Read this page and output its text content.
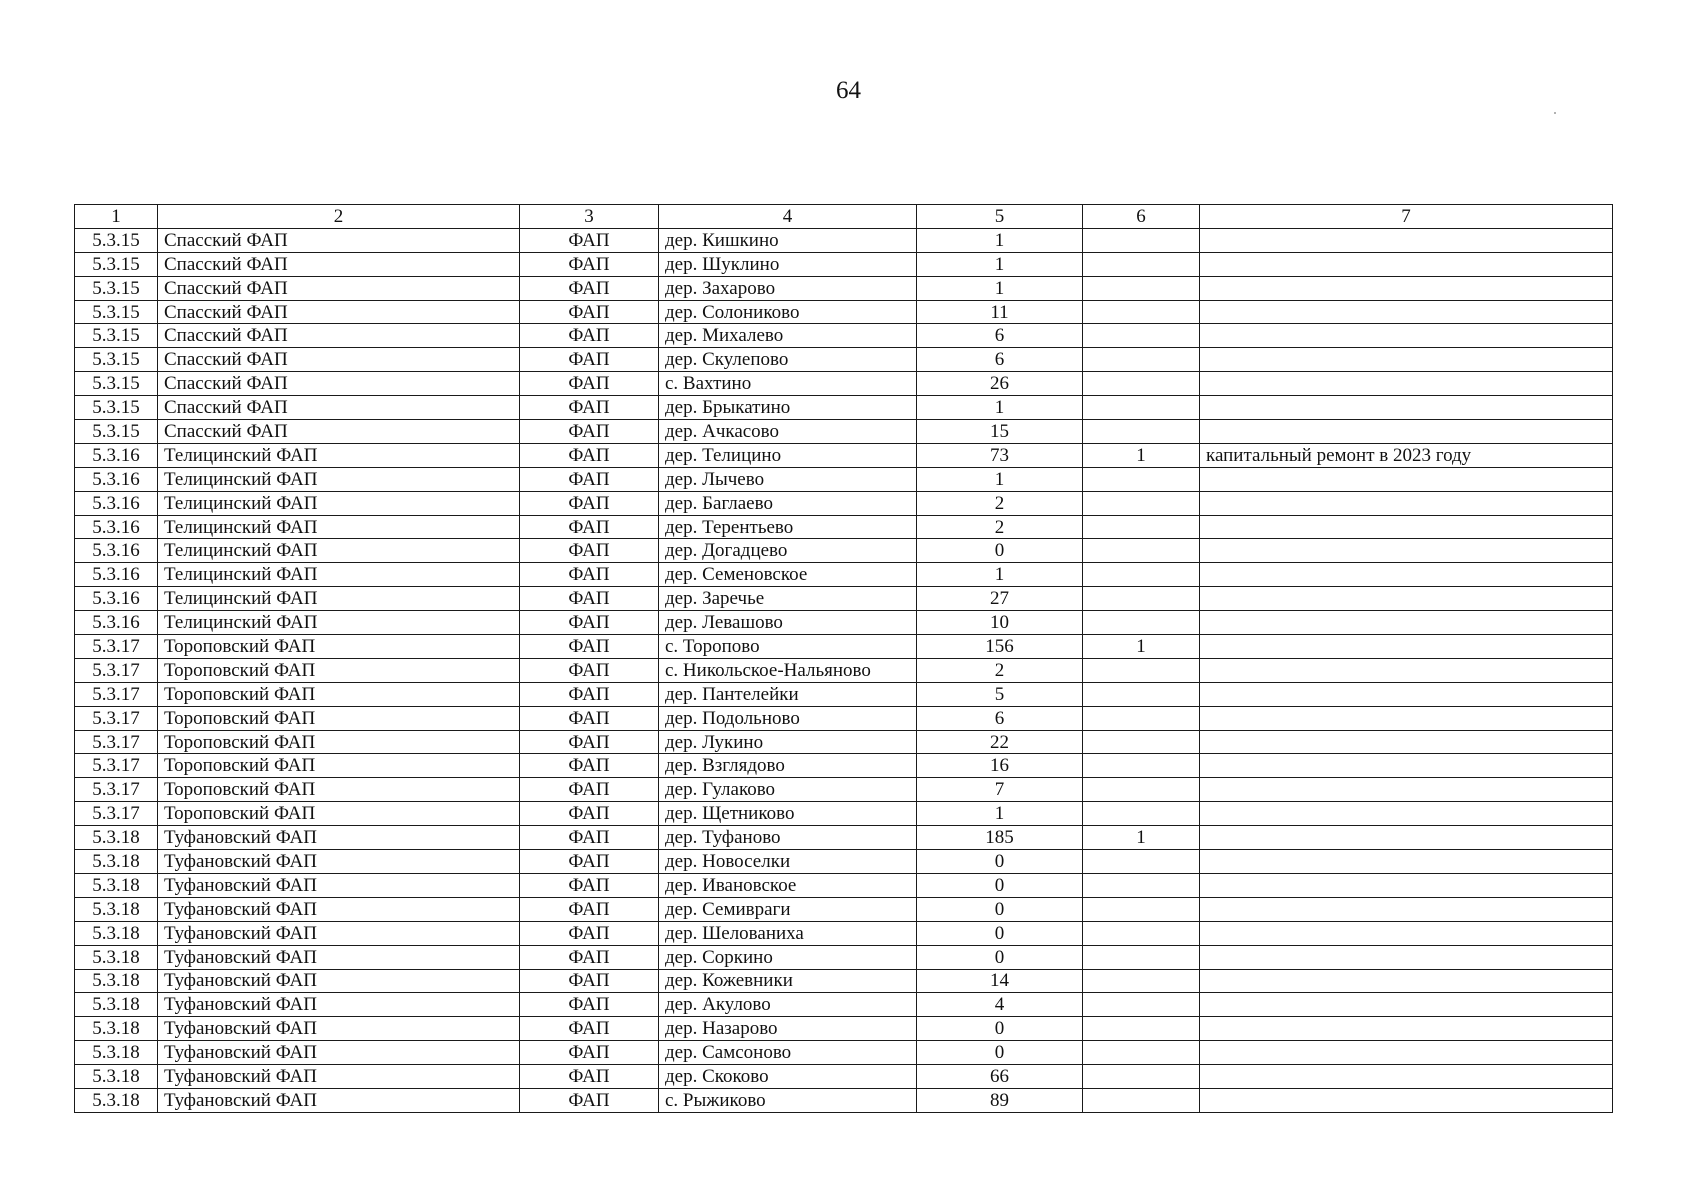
64
1	2	3	4	5	6	7
5.3.15	Спасский ФАП	ФАП	дер. Кишкино	1		
5.3.15	Спасский ФАП	ФАП	дер. Шуклино	1		
5.3.15	Спасский ФАП	ФАП	дер. Захарово	1		
5.3.15	Спасский ФАП	ФАП	дер. Солониково	11		
5.3.15	Спасский ФАП	ФАП	дер. Михалево	6		
5.3.15	Спасский ФАП	ФАП	дер. Скулепово	6		
5.3.15	Спасский ФАП	ФАП	с. Вахтино	26		
5.3.15	Спасский ФАП	ФАП	дер. Брыкатино	1		
5.3.15	Спасский ФАП	ФАП	дер. Ачкасово	15		
5.3.16	Телицинский ФАП	ФАП	дер. Телицино	73	1	капитальный ремонт в 2023 году
5.3.16	Телицинский ФАП	ФАП	дер. Лычево	1		
5.3.16	Телицинский ФАП	ФАП	дер. Баглаево	2		
5.3.16	Телицинский ФАП	ФАП	дер. Терентьево	2		
5.3.16	Телицинский ФАП	ФАП	дер. Догадцево	0		
5.3.16	Телицинский ФАП	ФАП	дер. Семеновское	1		
5.3.16	Телицинский ФАП	ФАП	дер. Заречье	27		
5.3.16	Телицинский ФАП	ФАП	дер. Левашово	10		
5.3.17	Тороповский ФАП	ФАП	с. Торопово	156	1	
5.3.17	Тороповский ФАП	ФАП	с. Никольское-Нальяново	2		
5.3.17	Тороповский ФАП	ФАП	дер. Пантелейки	5		
5.3.17	Тороповский ФАП	ФАП	дер. Подольново	6		
5.3.17	Тороповский ФАП	ФАП	дер. Лукино	22		
5.3.17	Тороповский ФАП	ФАП	дер. Взглядово	16		
5.3.17	Тороповский ФАП	ФАП	дер. Гулаково	7		
5.3.17	Тороповский ФАП	ФАП	дер. Щетниково	1		
5.3.18	Туфановский ФАП	ФАП	дер. Туфаново	185	1	
5.3.18	Туфановский ФАП	ФАП	дер. Новоселки	0		
5.3.18	Туфановский ФАП	ФАП	дер. Ивановское	0		
5.3.18	Туфановский ФАП	ФАП	дер. Семивраги	0		
5.3.18	Туфановский ФАП	ФАП	дер. Шелованиха	0		
5.3.18	Туфановский ФАП	ФАП	дер. Соркино	0		
5.3.18	Туфановский ФАП	ФАП	дер. Кожевники	14		
5.3.18	Туфановский ФАП	ФАП	дер. Акулово	4		
5.3.18	Туфановский ФАП	ФАП	дер. Назарово	0		
5.3.18	Туфановский ФАП	ФАП	дер. Самсоново	0		
5.3.18	Туфановский ФАП	ФАП	дер. Скоково	66		
5.3.18	Туфановский ФАП	ФАП	с. Рыжиково	89		
